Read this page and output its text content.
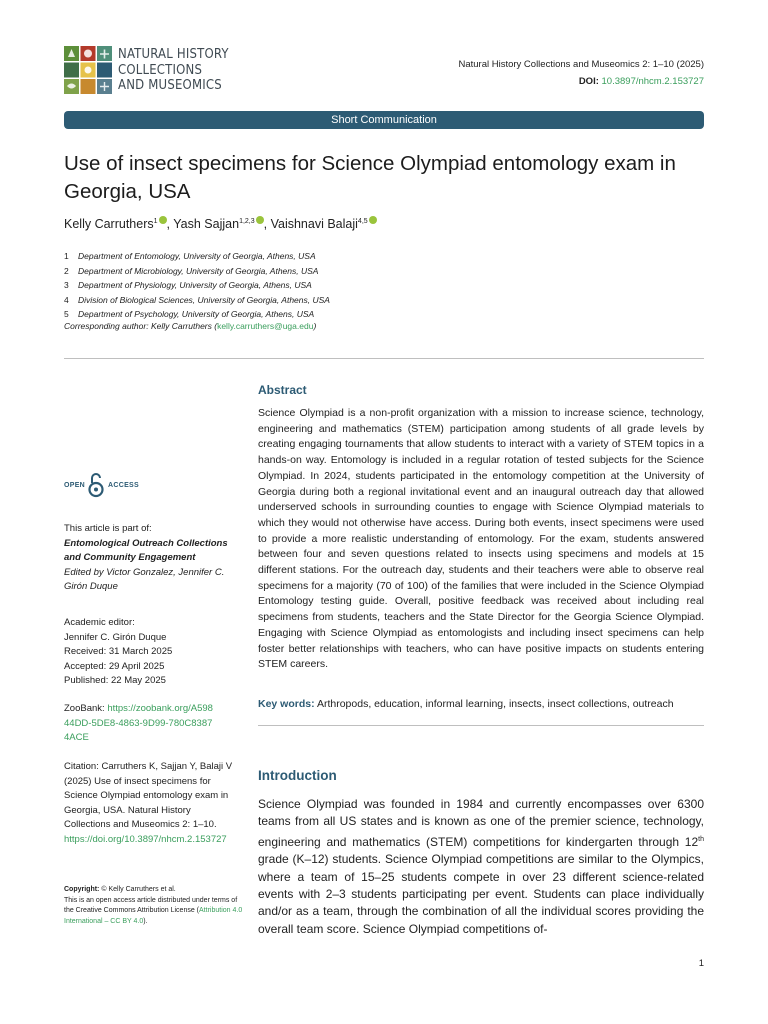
NATURAL HISTORY
COLLECTIONS
AND MUSEOMICS
Natural History Collections and Museomics 2: 1–10 (2025)
DOI: 10.3897/nhcm.2.153727
Short Communication
Use of insect specimens for Science Olympiad entomology exam in Georgia, USA
Kelly Carruthers$^1$ , Yash Sajjan$^{1,2,3}$ , Vaishnavi Balaji$^{4,5}$
1 Department of Entomology, University of Georgia, Athens, USA
2 Department of Microbiology, University of Georgia, Athens, USA
3 Department of Physiology, University of Georgia, Athens, USA
4 Division of Biological Sciences, University of Georgia, Athens, USA
5 Department of Psychology, University of Georgia, Athens, USA
Corresponding author: Kelly Carruthers (kelly.carruthers@uga.edu)
OPEN	ACCESS
This article is part of:
Entomological Outreach Collections and Community Engagement
Edited by Victor Gonzalez, Jennifer C. Girón Duque
Academic editor:
Jennifer C. Girón Duque
Received: 31 March 2025
Accepted: 29 April 2025
Published: 22 May 2025
ZooBank: https://zoobank.org/A59844DD-5DE8-4863-9D99-780C83874ACE
Citation: Carruthers K, Sajjan Y, Balaji V (2025) Use of insect specimens for Science Olympiad entomology exam in Georgia, USA. Natural History Collections and Museomics 2: 1–10. https://doi.org/10.3897/nhcm.2.153727
Copyright: © Kelly Carruthers et al.
This is an open access article distributed under terms of the Creative Commons Attribution License (Attribution 4.0 International – CC BY 4.0).
Abstract
Science Olympiad is a non-profit organization with a mission to increase science, technology, engineering and mathematics (STEM) participation among students of all grade levels by creating engaging tournaments that allow students to interact with a variety of STEM topics in a hands-on way. Entomology is included in a regular rotation of tested subjects for the Science Olympiad. In 2024, students participated in the entomology competition at the University of Georgia during both a regional invitational event and an inaugural outreach day that allowed underserved schools in surrounding counties to engage with Science Olympiad materials to which they would not otherwise have access. During both events, insect specimens were used to provide a more realistic understanding of entomology. For the exam, students answered between four and seven questions related to insects using specimens and models at 15 different stations. For the outreach day, students and their teachers were able to observe real specimens for a majority (70 of 100) of the families that were included in the Science Olympiad Entomology testing guide. Overall, positive feedback was received about including real specimens from students, teachers and the State Director for the Georgia Science Olympiad. Engaging with Science Olympiad as entomologists and including insect specimens can help foster better relationships with teachers, who can have positive impacts on students entering STEM careers.
Key words: Arthropods, education, informal learning, insects, insect collections, outreach
Introduction
Science Olympiad was founded in 1984 and currently encompasses over 6300 teams from all US states and is known as one of the premier science, technology, engineering and mathematics (STEM) competitions for kindergarten through 12th grade (K–12) students. Science Olympiad competitions are similar to the Olympics, where a team of 15–25 students compete in over 23 different science-related events with 2–3 students participating per event. Students can place individually and/or as a team, through the combination of all the individual scores providing the overall team score. Science Olympiad competitions of-
1
